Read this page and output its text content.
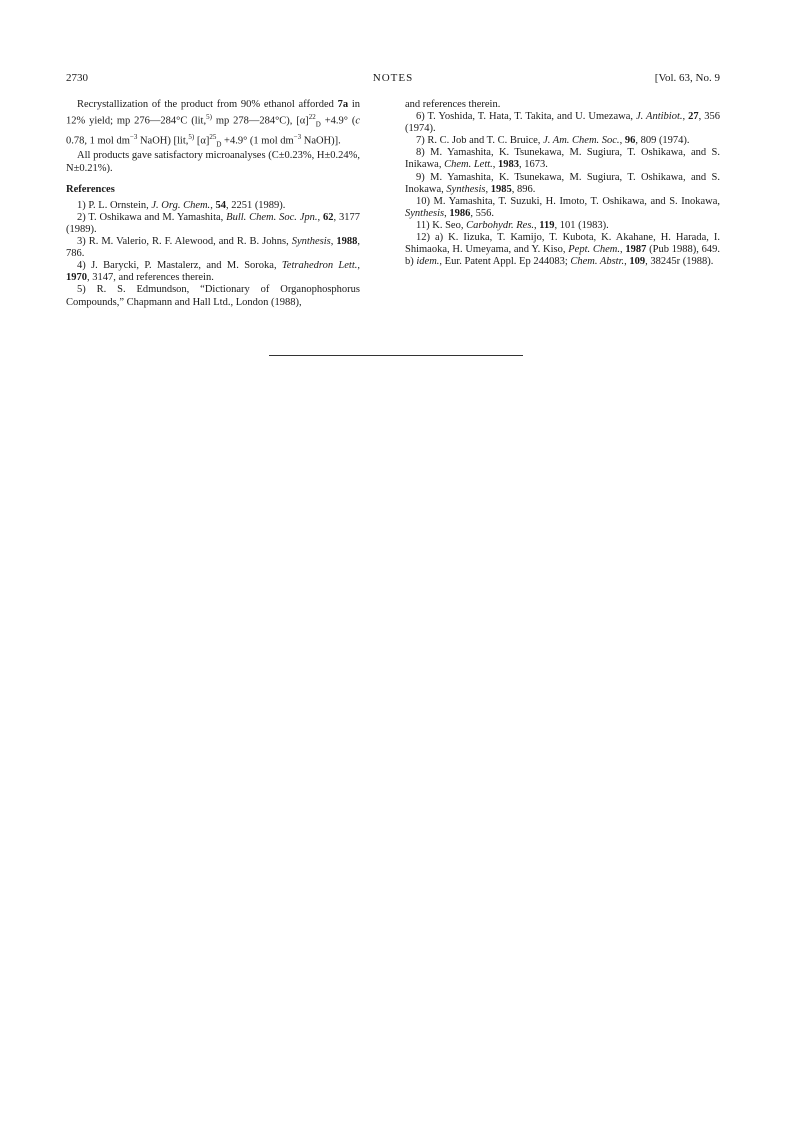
2730	NOTES	[Vol. 63, No. 9

Recrystallization of the product from 90% ethanol afforded 7a in 12% yield; mp 276—284°C (lit,$^{5)}$ mp 278—284°C), $[\alpha]^{22}_D +4.9^\circ$ (c 0.78, 1 mol $dm^{-3}$ NaOH) [lit,$^{5)}$ $[\alpha]^{25}_D +4.9^\circ$ (1 mol $dm^{-3}$ NaOH)].

All products gave satisfactory microanalyses (C±0.23%, H±0.24%, N±0.21%).

References

1) P. L. Ornstein, J. Org. Chem., 54, 2251 (1989).

2) T. Oshikawa and M. Yamashita, Bull. Chem. Soc. Jpn., 62, 3177 (1989).

3) R. M. Valerio, R. F. Alewood, and R. B. Johns, Synthesis, 1988, 786.

4) J. Barycki, P. Mastalerz, and M. Soroka, Tetrahedron Lett., 1970, 3147, and references therein.

5) R. S. Edmundson, “Dictionary of Organophosphorus Compounds,” Chapmann and Hall Ltd., London (1988),

and references therein.

6) T. Yoshida, T. Hata, T. Takita, and U. Umezawa, J. Antibiot., 27, 356 (1974).

7) R. C. Job and T. C. Bruice, J. Am. Chem. Soc., 96, 809 (1974).

8) M. Yamashita, K. Tsunekawa, M. Sugiura, T. Oshikawa, and S. Inikawa, Chem. Lett., 1983, 1673.

9) M. Yamashita, K. Tsunekawa, M. Sugiura, T. Oshikawa, and S. Inokawa, Synthesis, 1985, 896.

10) M. Yamashita, T. Suzuki, H. Imoto, T. Oshikawa, and S. Inokawa, Synthesis, 1986, 556.

11) K. Seo, Carbohydr. Res., 119, 101 (1983).

12) a) K. Iizuka, T. Kamijo, T. Kubota, K. Akahane, H. Harada, I. Shimaoka, H. Umeyama, and Y. Kiso, Pept. Chem., 1987 (Pub 1988), 649. b) idem., Eur. Patent Appl. Ep 244083; Chem. Abstr., 109, 38245r (1988).
